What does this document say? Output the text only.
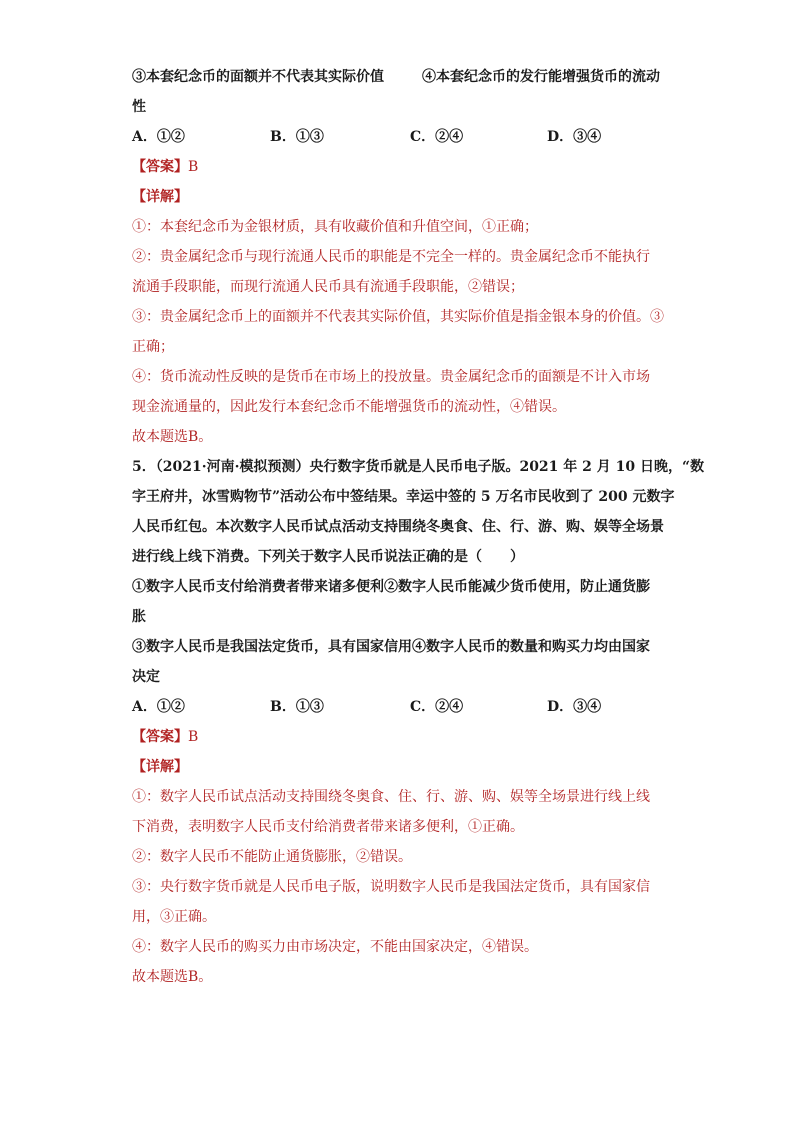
③本套纪念币的面额并不代表其实际价值	④本套纪念币的发行能增强货币的流动
性
A．①②	B．①③	C．②④	D．③④
【答案】B
【详解】
①：本套纪念币为金银材质，具有收藏价值和升值空间，①正确；
②：贵金属纪念币与现行流通人民币的职能是不完全一样的。贵金属纪念币不能执行
流通手段职能，而现行流通人民币具有流通手段职能，②错误；
③：贵金属纪念币上的面额并不代表其实际价值，其实际价值是指金银本身的价值。③
正确；
④：货币流动性反映的是货币在市场上的投放量。贵金属纪念币的面额是不计入市场
现金流通量的，因此发行本套纪念币不能增强货币的流动性，④错误。
故本题选B。
5．（2021·河南·模拟预测）央行数字货币就是人民币电子版。2021 年 2 月 10 日晚，“数
字王府井，冰雪购物节”活动公布中签结果。幸运中签的 5 万名市民收到了 200 元数字
人民币红包。本次数字人民币试点活动支持围绕冬奥食、住、行、游、购、娱等全场景
进行线上线下消费。下列关于数字人民币说法正确的是（　　）
①数字人民币支付给消费者带来诸多便利②数字人民币能减少货币使用，防止通货膨
胀
③数字人民币是我国法定货币，具有国家信用④数字人民币的数量和购买力均由国家
决定
A．①②	B．①③	C．②④	D．③④
【答案】B
【详解】
①：数字人民币试点活动支持围绕冬奥食、住、行、游、购、娱等全场景进行线上线
下消费，表明数字人民币支付给消费者带来诸多便利，①正确。
②：数字人民币不能防止通货膨胀，②错误。
③：央行数字货币就是人民币电子版，说明数字人民币是我国法定货币，具有国家信
用，③正确。
④：数字人民币的购买力由市场决定，不能由国家决定，④错误。
故本题选B。
